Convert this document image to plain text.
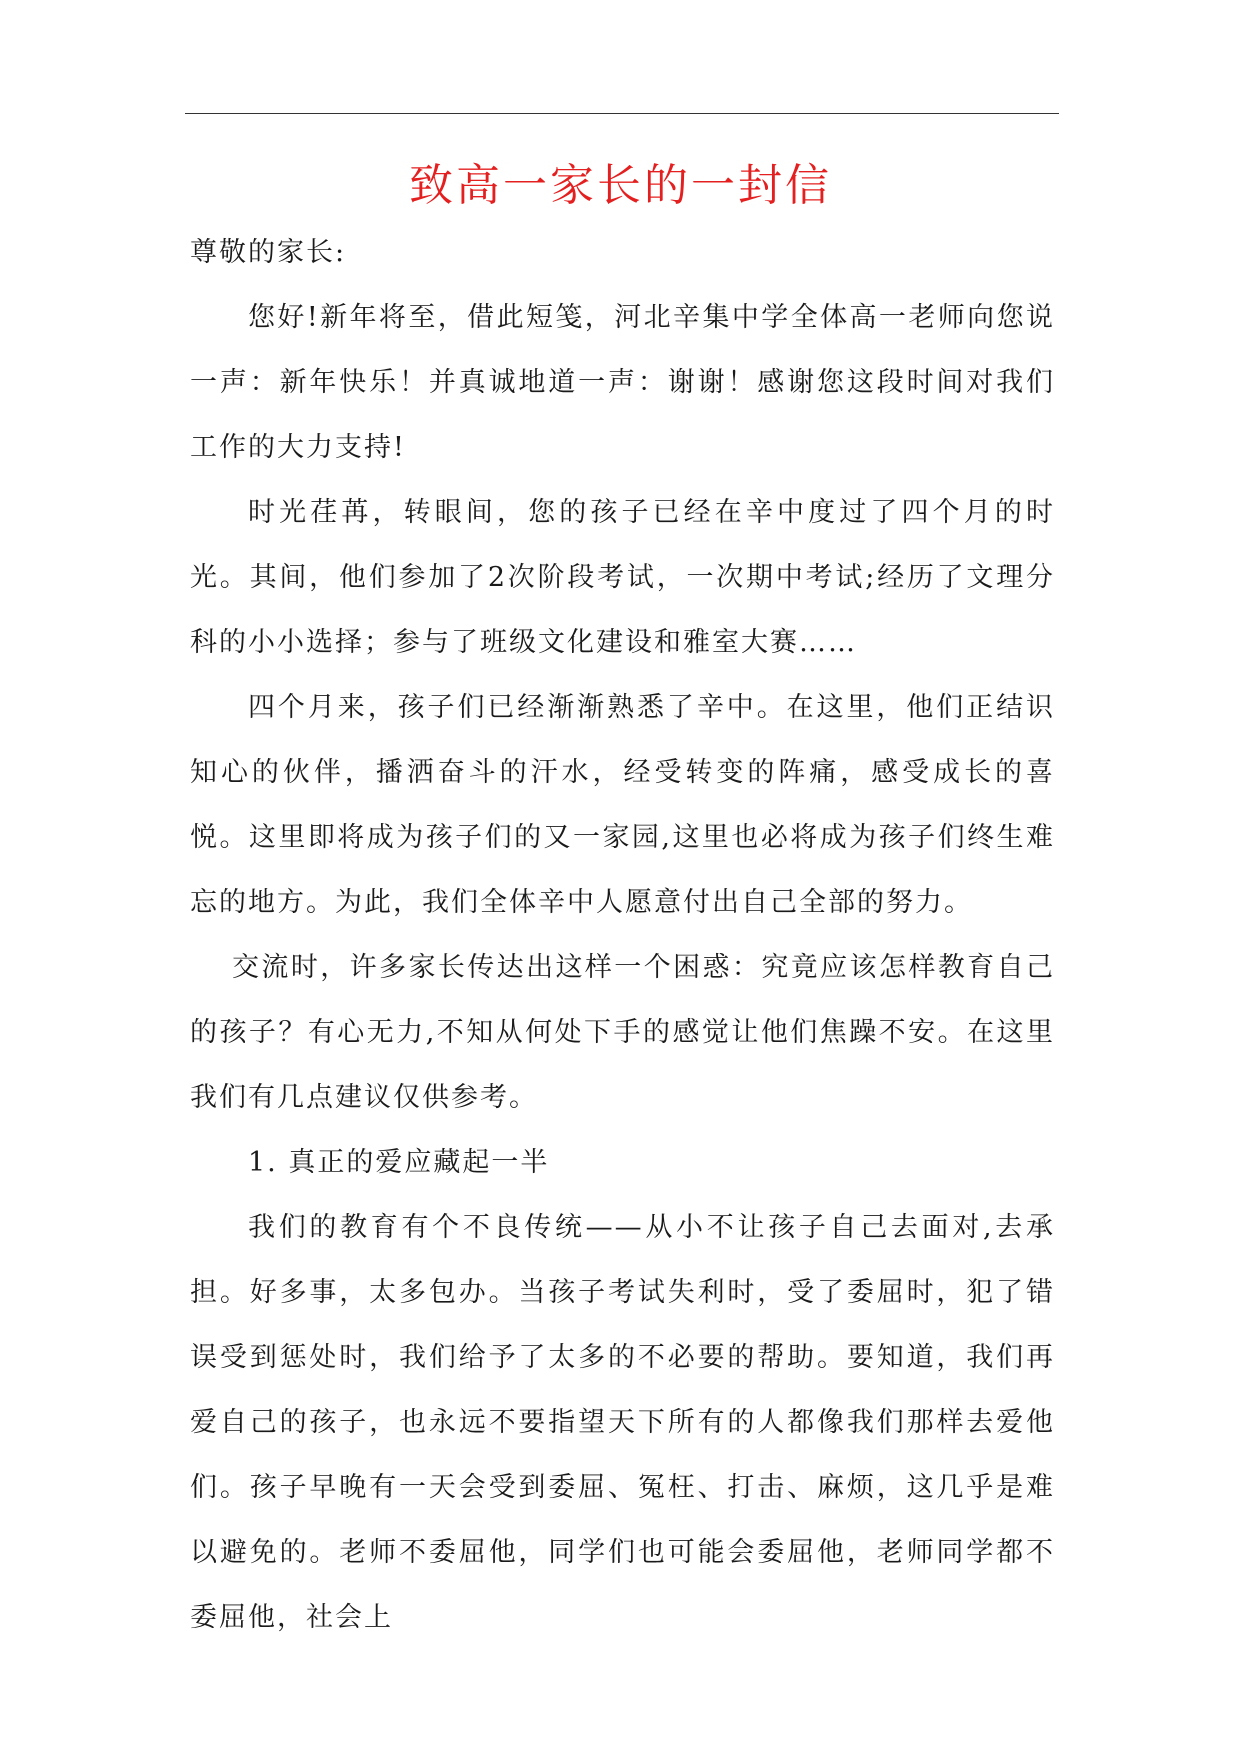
致高一家长的一封信

尊敬的家长:

您好!新年将至，借此短笺，河北辛集中学全体高一老师向您说一声：新年快乐！并真诚地道一声：谢谢！感谢您这段时间对我们工作的大力支持!

时光荏苒，转眼间，您的孩子已经在辛中度过了四个月的时光。其间，他们参加了2次阶段考试，一次期中考试;经历了文理分科的小小选择；参与了班级文化建设和雅室大赛……

四个月来，孩子们已经渐渐熟悉了辛中。在这里，他们正结识知心的伙伴，播洒奋斗的汗水，经受转变的阵痛，感受成长的喜悦。这里即将成为孩子们的又一家园,这里也必将成为孩子们终生难忘的地方。为此，我们全体辛中人愿意付出自己全部的努力。

交流时，许多家长传达出这样一个困惑：究竟应该怎样教育自己的孩子？有心无力,不知从何处下手的感觉让他们焦躁不安。在这里我们有几点建议仅供参考。

1. 真正的爱应藏起一半

我们的教育有个不良传统——从小不让孩子自己去面对,去承担。好多事，太多包办。当孩子考试失利时，受了委屈时，犯了错误受到惩处时，我们给予了太多的不必要的帮助。要知道，我们再爱自己的孩子，也永远不要指望天下所有的人都像我们那样去爱他们。孩子早晚有一天会受到委屈、冤枉、打击、麻烦，这几乎是难以避免的。老师不委屈他，同学们也可能会委屈他，老师同学都不委屈他，社会上
